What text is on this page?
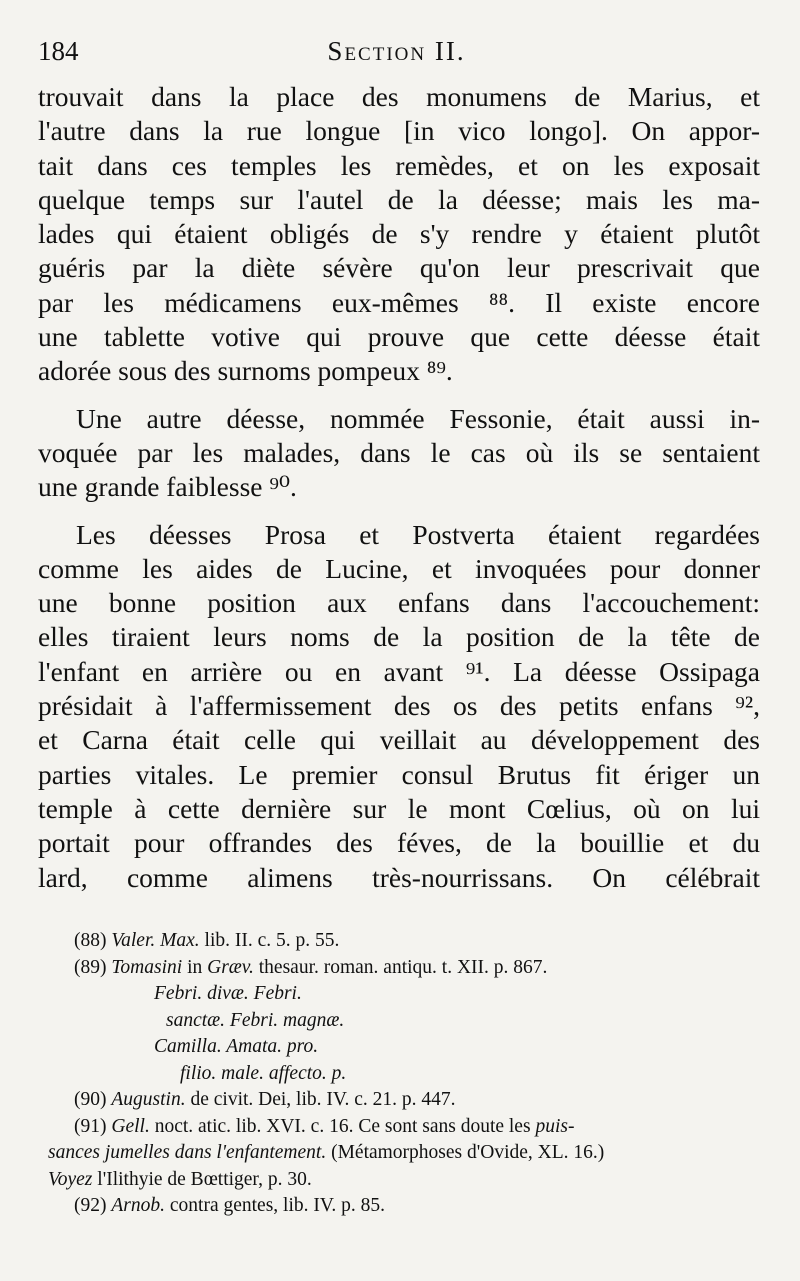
184	Section II.
trouvait dans la place des monumens de Marius, et
l'autre dans la rue longue [in vico longo]. On appor-
tait dans ces temples les remèdes, et on les exposait
quelque temps sur l'autel de la déesse; mais les ma-
lades qui étaient obligés de s'y rendre y étaient plutôt
guéris par la diète sévère qu'on leur prescrivait que
par les médicamens eux-mêmes ⁸⁸. Il existe encore
une tablette votive qui prouve que cette déesse était
adorée sous des surnoms pompeux ⁸⁹.
Une autre déesse, nommée Fessonie, était aussi in-
voquée par les malades, dans le cas où ils se sentaient
une grande faiblesse ⁹⁰.
Les déesses Prosa et Postverta étaient regardées
comme les aides de Lucine, et invoquées pour donner
une bonne position aux enfans dans l'accouchement:
elles tiraient leurs noms de la position de la tête de
l'enfant en arrière ou en avant ⁹¹. La déesse Ossipaga
présidait à l'affermissement des os des petits enfans ⁹²,
et Carna était celle qui veillait au développement des
parties vitales. Le premier consul Brutus fit ériger un
temple à cette dernière sur le mont Cœlius, où on lui
portait pour offrandes des féves, de la bouillie et du
lard, comme alimens très-nourrissans. On célébrait
(88) Valer. Max. lib. II. c. 5. p. 55.
(89) Tomasini in Græv. thesaur. roman. antiqu. t. XII. p. 867.
Febri. divæ. Febri.
sanctæ. Febri. magnæ.
Camilla. Amata. pro.
filio. male. affecto. p.
(90) Augustin. de civit. Dei, lib. IV. c. 21. p. 447.
(91) Gell. noct. atic. lib. XVI. c. 16. Ce sont sans doute les puis-
sances jumelles dans l'enfantement. (Métamorphoses d'Ovide, XL. 16.)
Voyez l'Ilithyie de Bœttiger, p. 30.
(92) Arnob. contra gentes, lib. IV. p. 85.
